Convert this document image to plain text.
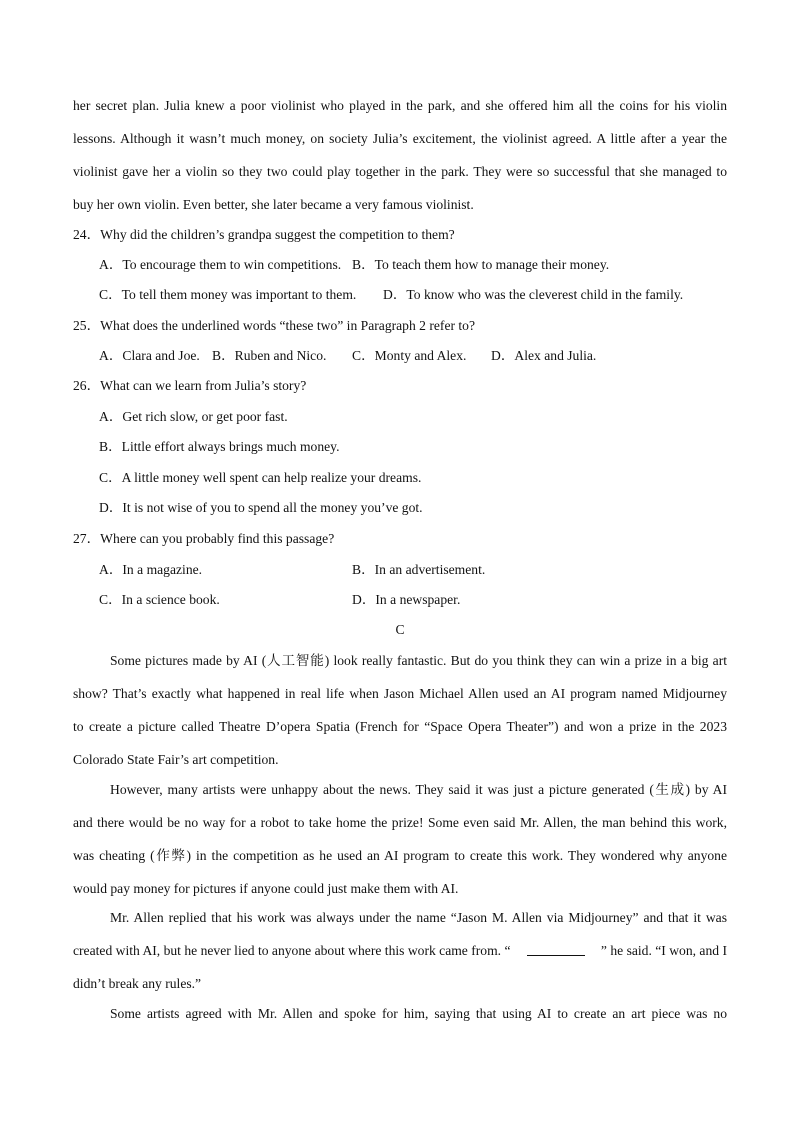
her secret plan. Julia knew a poor violinist who played in the park, and she offered him all the coins for his violin
lessons. Although it wasn’t much money, on society Julia’s excitement, the violinist agreed. A little after a year the
violinist gave her a violin so they two could play together in the park. They were so successful that she managed to
buy her own violin. Even better, she later became a very famous violinist.
24．Why did the children’s grandpa suggest the competition to them?
A．To encourage them to win competitions. B．To teach them how to manage their money.
C．To tell them money was important to them. D．To know who was the cleverest child in the family.
25．What does the underlined words “these two” in Paragraph 2 refer to?
A．Clara and Joe. B．Ruben and Nico. C．Monty and Alex. D．Alex and Julia.
26．What can we learn from Julia’s story?
A．Get rich slow, or get poor fast.
B．Little effort always brings much money.
C．A little money well spent can help realize your dreams.
D．It is not wise of you to spend all the money you’ve got.
27．Where can you probably find this passage?
A．In a magazine.	B．In an advertisement.
C．In a science book.	D．In a newspaper.
C
Some pictures made by AI (人工智能) look really fantastic. But do you think they can win a prize in a big art
show? That’s exactly what happened in real life when Jason Michael Allen used an AI program named Midjourney
to create a picture called Theatre D’opera Spatia (French for “Space Opera Theater”) and won a prize in the 2023
Colorado State Fair’s art competition.
However, many artists were unhappy about the news. They said it was just a picture generated (生成) by AI
and there would be no way for a robot to take home the prize! Some even said Mr. Allen, the man behind this work,
was cheating (作弊) in the competition as he used an AI program to create this work. They wondered why anyone
would pay money for pictures if anyone could just make them with AI.
Mr. Allen replied that his work was always under the name “Jason M. Allen via Midjourney” and that it was
created with AI, but he never lied to anyone about where this work came from. “	” he said. “I won, and I
didn’t break any rules.”
Some artists agreed with Mr. Allen and spoke for him, saying that using AI to create an art piece was no
